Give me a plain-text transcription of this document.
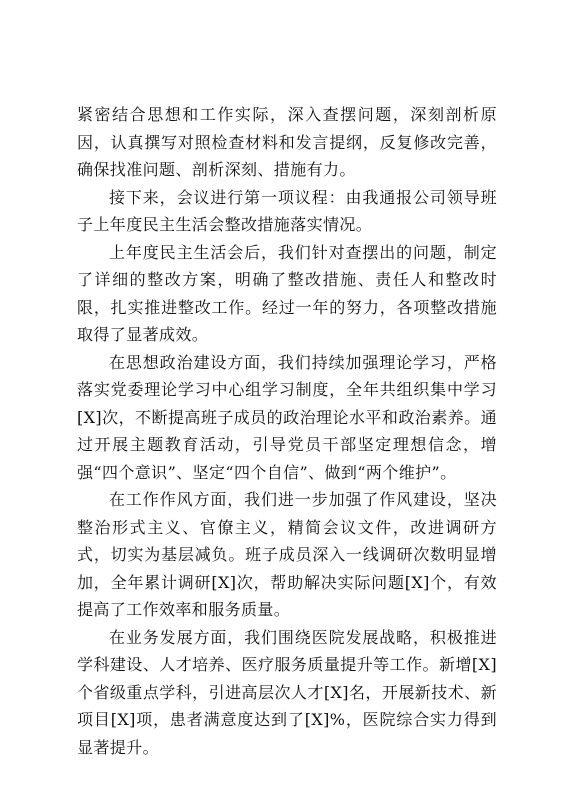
紧密结合思想和工作实际，深入查摆问题，深刻剖析原因，认真撰写对照检查材料和发言提纲，反复修改完善，确保找准问题、剖析深刻、措施有力。

接下来，会议进行第一项议程：由我通报公司领导班子上年度民主生活会整改措施落实情况。

上年度民主生活会后，我们针对查摆出的问题，制定了详细的整改方案，明确了整改措施、责任人和整改时限，扎实推进整改工作。经过一年的努力，各项整改措施取得了显著成效。

在思想政治建设方面，我们持续加强理论学习，严格落实党委理论学习中心组学习制度，全年共组织集中学习[X]次，不断提高班子成员的政治理论水平和政治素养。通过开展主题教育活动，引导党员干部坚定理想信念，增强“四个意识”、坚定“四个自信”、做到“两个维护”。

在工作作风方面，我们进一步加强了作风建设，坚决整治形式主义、官僚主义，精简会议文件，改进调研方式，切实为基层减负。班子成员深入一线调研次数明显增加，全年累计调研[X]次，帮助解决实际问题[X]个，有效提高了工作效率和服务质量。

在业务发展方面，我们围绕医院发展战略，积极推进学科建设、人才培养、医疗服务质量提升等工作。新增[X]个省级重点学科，引进高层次人才[X]名，开展新技术、新项目[X]项，患者满意度达到了[X]%，医院综合实力得到显著提升。
